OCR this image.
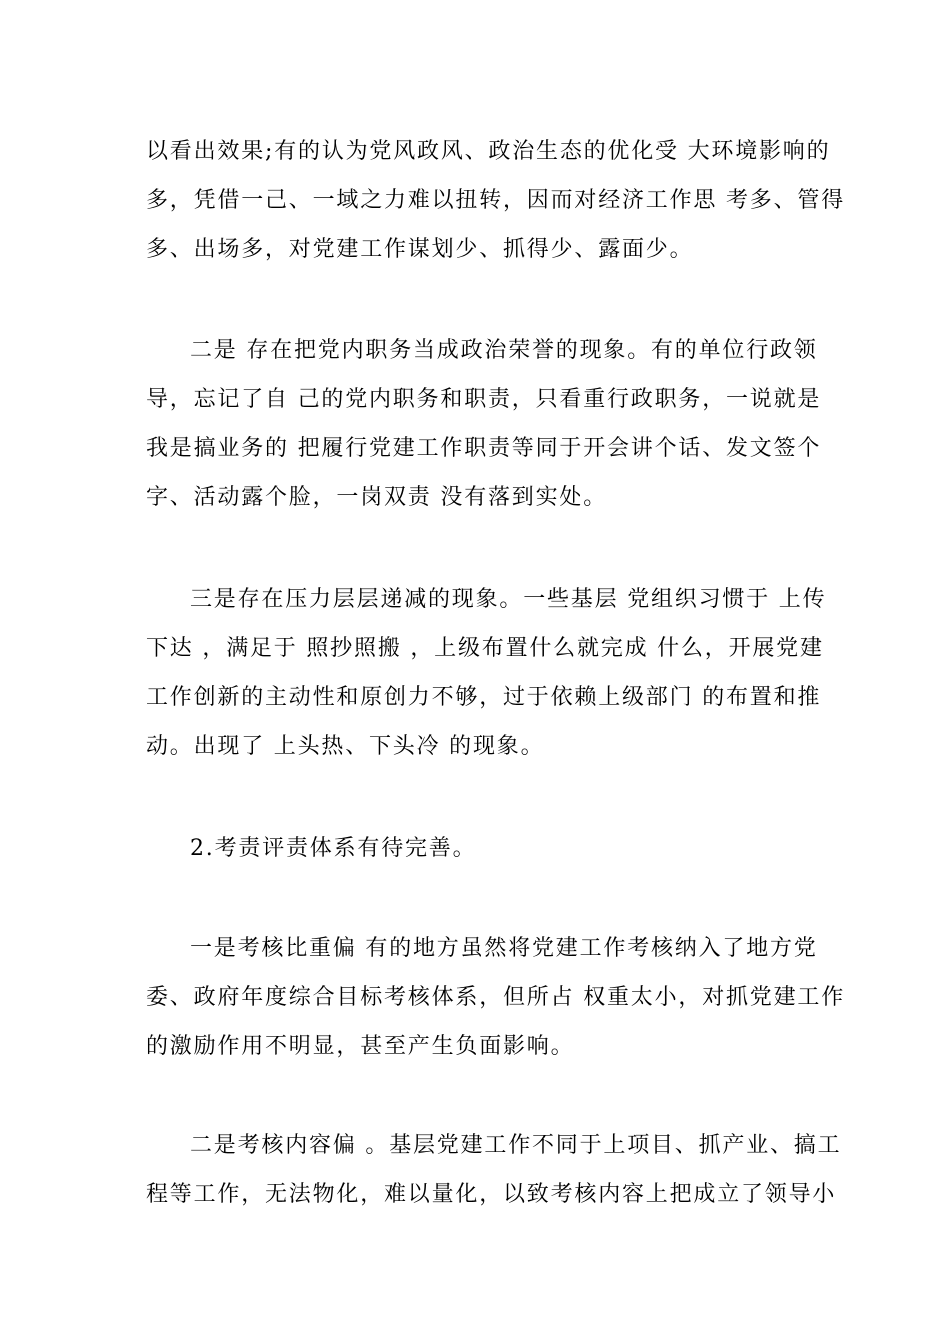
以看出效果;有的认为党风政风、政治生态的优化受 大环境影响的
多，凭借一己、一域之力难以扭转，因而对经济工作思 考多、管得
多、出场多，对党建工作谋划少、抓得少、露面少。
二是 存在把党内职务当成政治荣誉的现象。有的单位行政领
导，忘记了自 己的党内职务和职责，只看重行政职务，一说就是
我是搞业务的 把履行党建工作职责等同于开会讲个话、发文签个
字、活动露个脸，一岗双责 没有落到实处。
三是存在压力层层递减的现象。一些基层 党组织习惯于 上传
下达 ，满足于 照抄照搬 ，上级布置什么就完成 什么，开展党建
工作创新的主动性和原创力不够，过于依赖上级部门 的布置和推
动。出现了 上头热、下头冷 的现象。
2.考责评责体系有待完善。
一是考核比重偏 有的地方虽然将党建工作考核纳入了地方党
委、政府年度综合目标考核体系，但所占 权重太小，对抓党建工作
的激励作用不明显，甚至产生负面影响。
二是考核内容偏 。基层党建工作不同于上项目、抓产业、搞工
程等工作，无法物化，难以量化，以致考核内容上把成立了领导小
